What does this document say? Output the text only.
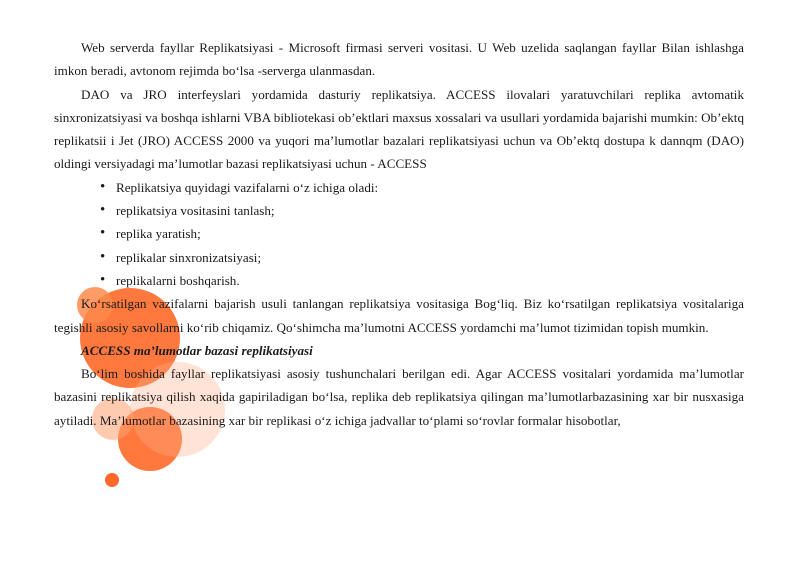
Web serverda fayllar Replikatsiyasi - Microsoft firmasi serveri vositasi. U Web uzelida saqlangan fayllar Bilan ishlashga imkon beradi, avtonom rejimda bo‘lsa -serverga ulanmasdan.

DAO va JRO interfeyslari yordamida dasturiy replikatsiya. ACCESS ilovalari yaratuvchilari replika avtomatik sinxronizatsiyasi va boshqa ishlarni VBA bibliotekasi ob’ektlari maxsus xossalari va usullari yordamida bajarishi mumkin: Ob’ektq replikatsii i Jet (JRO) ACCESS 2000 va yuqori ma’lumotlar bazalari replikatsiyasi uchun va Ob’ektq dostupa k dannqm (DAO) oldingi versiyadagi ma’lumotlar bazasi replikatsiyasi uchun - ACCESS

• Replikatsiya quyidagi vazifalarni o‘z ichiga oladi:
• replikatsiya vositasini tanlash;
• replika yaratish;
• replikalar sinxronizatsiyasi;
• replikalarni boshqarish.

Ko‘rsatilgan vazifalarni bajarish usuli tanlangan replikatsiya vositasiga Bog‘liq. Biz ko‘rsatilgan replikatsiya vositalariga tegishli asosiy savollarni ko‘rib chiqamiz. Qo‘shimcha ma’lumotni ACCESS yordamchi ma’lumot tizimidan topish mumkin.

ACCESS ma’lumotlar bazasi replikatsiyasi

Bo‘lim boshida fayllar replikatsiyasi asosiy tushunchalari berilgan edi. Agar ACCESS vositalari yordamida ma’lumotlar bazasini replikatsiya qilish xaqida gapiriladigan bo‘lsa, replika deb replikatsiya qilingan ma’lumotlarbazasining xar bir nusxasiga aytiladi. Ma’lumotlar bazasining xar bir replikasi o‘z ichiga jadvallar to‘plami so‘rovlar formalar hisobotlar,
